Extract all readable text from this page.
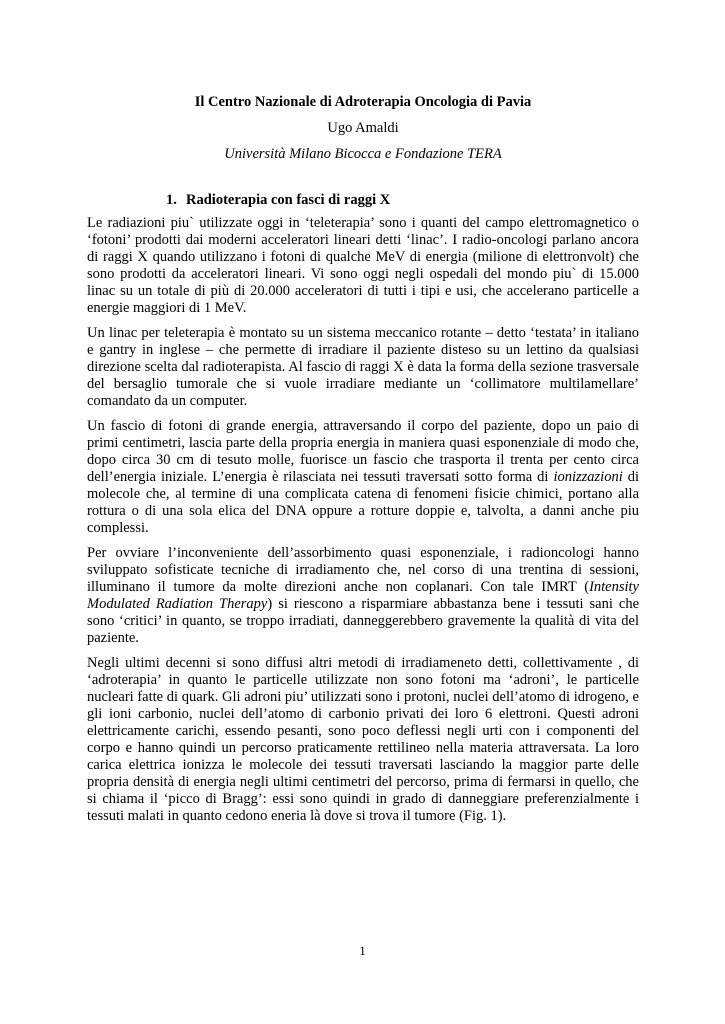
Il Centro Nazionale di Adroterapia Oncologia di Pavia

Ugo Amaldi

Università Milano Bicocca e Fondazione TERA

1. Radioterapia con fasci di raggi X

Le radiazioni piu` utilizzate oggi in ‘teleterapia’ sono i quanti del campo elettromagnetico o ‘fotoni’ prodotti dai moderni acceleratori lineari detti ‘linac’. I radio-oncologi parlano ancora di raggi X quando utilizzano i fotoni di qualche MeV di energia (milione di elettronvolt) che sono prodotti da acceleratori lineari. Vi sono oggi negli ospedali del mondo piu` di 15.000 linac su un totale di più di 20.000 acceleratori di tutti i tipi e usi, che accelerano particelle a energie maggiori di 1 MeV.

Un linac per teleterapia è montato su un sistema meccanico rotante – detto ‘testata’ in italiano e gantry in inglese – che permette di irradiare il paziente disteso su un lettino da qualsiasi direzione scelta dal radioterapista. Al fascio di raggi X è data la forma della sezione trasversale del bersaglio tumorale che si vuole irradiare mediante un ‘collimatore multilamellare’ comandato da un computer.

Un fascio di fotoni di grande energia, attraversando il corpo del paziente, dopo un paio di primi centimetri, lascia parte della propria energia in maniera quasi esponenziale di modo che, dopo circa 30 cm di tesuto molle, fuorisce un fascio che trasporta il trenta per cento circa dell’energia iniziale. L’energia è rilasciata nei tessuti traversati sotto forma di ionizzazioni di molecole che, al termine di una complicata catena di fenomeni fisicie chimici, portano alla rottura o di una sola elica del DNA oppure a rotture doppie e, talvolta, a danni anche piu complessi.

Per ovviare l’inconveniente dell’assorbimento quasi esponenziale, i radioncologi hanno sviluppato sofisticate tecniche di irradiamento che, nel corso di una trentina di sessioni, illuminano il tumore da molte direzioni anche non coplanari. Con tale IMRT (Intensity Modulated Radiation Therapy) si riescono a risparmiare abbastanza bene i tessuti sani che sono ‘critici’ in quanto, se troppo irradiati, danneggerebbero gravemente la qualità di vita del paziente.

Negli ultimi decenni si sono diffusi altri metodi di irradiameneto detti, collettivamente , di ‘adroterapia’ in quanto le particelle utilizzate non sono fotoni ma ‘adroni’, le particelle nucleari fatte di quark. Gli adroni piu’ utilizzati sono i protoni, nuclei dell’atomo di idrogeno, e gli ioni carbonio, nuclei dell’atomo di carbonio privati dei loro 6 elettroni. Questi adroni elettricamente carichi, essendo pesanti, sono poco deflessi negli urti con i componenti del corpo e hanno quindi un percorso praticamente rettilineo nella materia attraversata. La loro carica elettrica ionizza le molecole dei tessuti traversati lasciando la maggior parte delle propria densità di energia negli ultimi centimetri del percorso, prima di fermarsi in quello, che si chiama il ‘picco di Bragg’: essi sono quindi in grado di danneggiare preferenzialmente i tessuti malati in quanto cedono eneria là dove si trova il tumore (Fig. 1).

1
